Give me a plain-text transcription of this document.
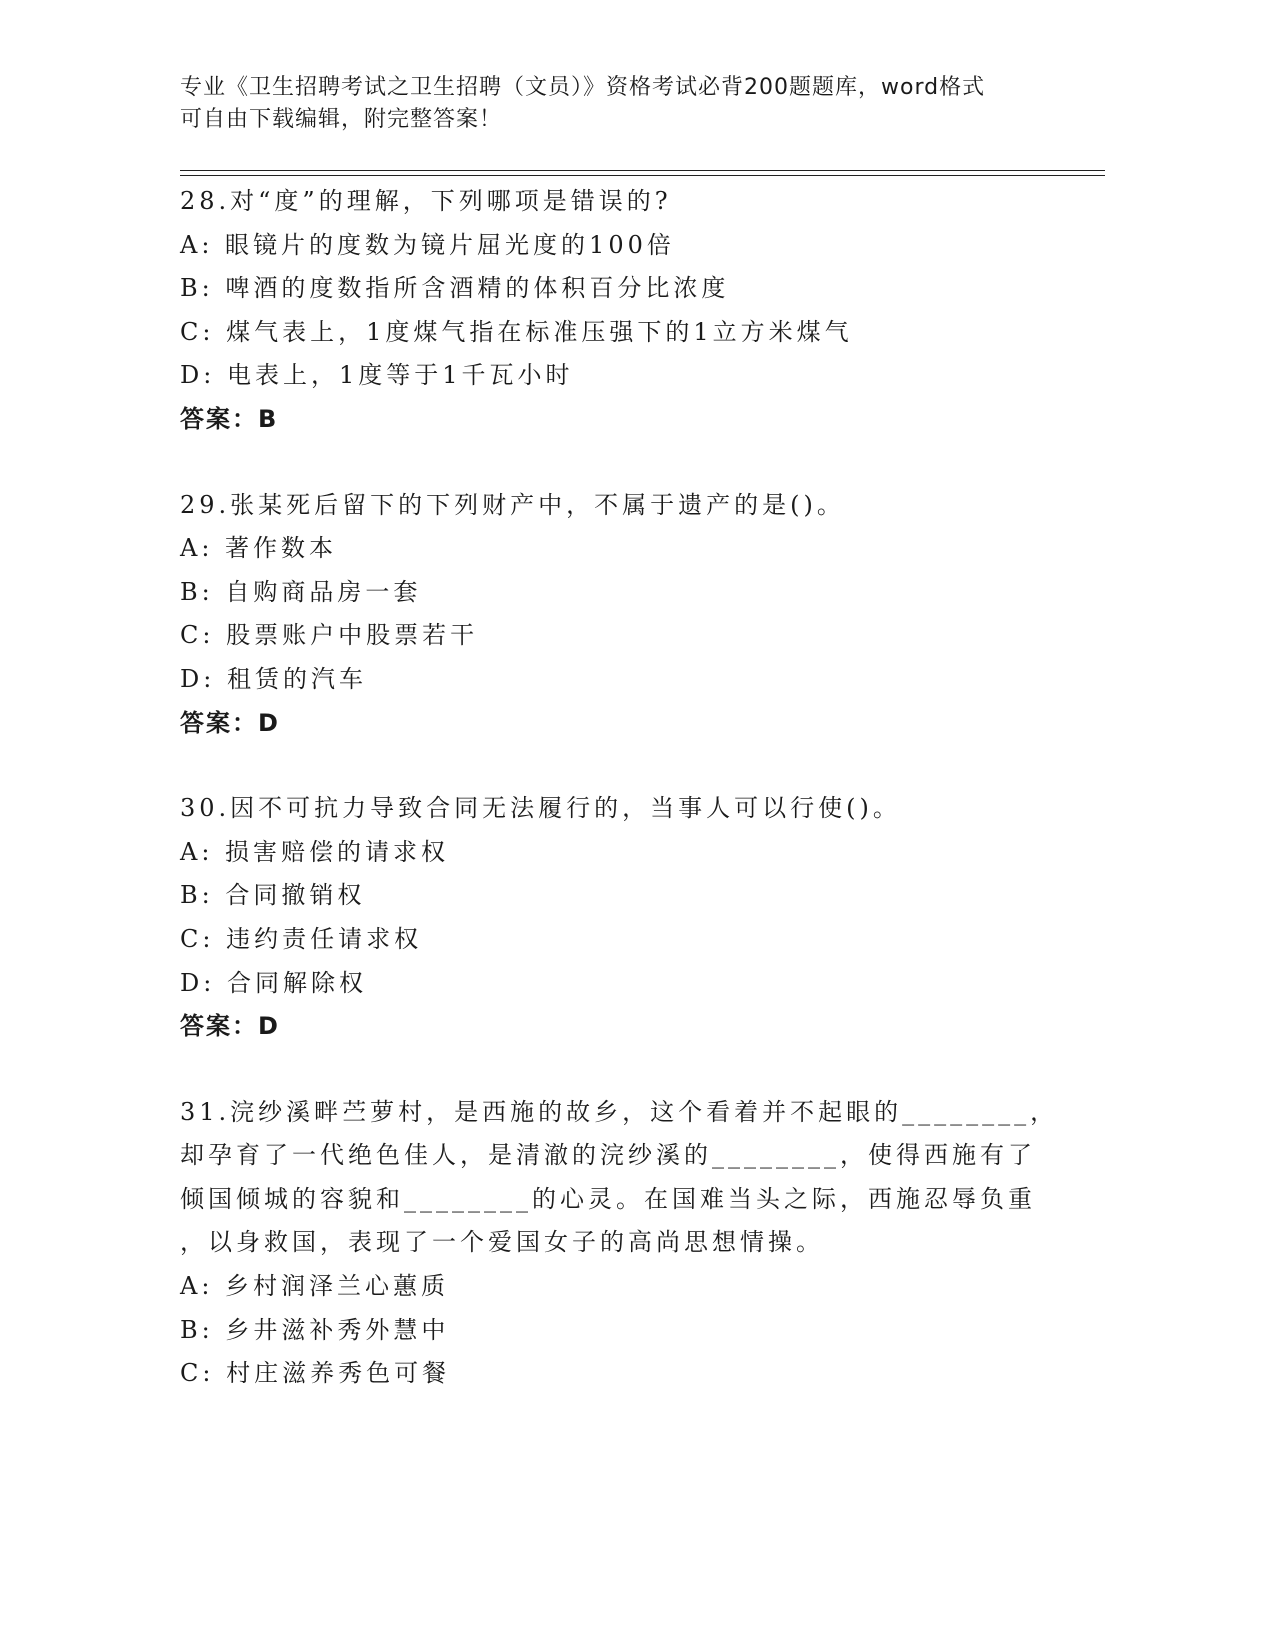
专业《卫生招聘考试之卫生招聘（文员）》资格考试必背200题题库，word格式
可自由下载编辑，附完整答案！
28.对“度”的理解，下列哪项是错误的?
A: 眼镜片的度数为镜片屈光度的100倍
B: 啤酒的度数指所含酒精的体积百分比浓度
C: 煤气表上，1度煤气指在标准压强下的1立方米煤气
D: 电表上，1度等于1千瓦小时
答案：B
29.张某死后留下的下列财产中，不属于遗产的是()。
A: 著作数本
B: 自购商品房一套
C: 股票账户中股票若干
D: 租赁的汽车
答案：D
30.因不可抗力导致合同无法履行的，当事人可以行使()。
A: 损害赔偿的请求权
B: 合同撤销权
C: 违约责任请求权
D: 合同解除权
答案：D
31.浣纱溪畔苎萝村，是西施的故乡，这个看着并不起眼的________，
却孕育了一代绝色佳人，是清澈的浣纱溪的________，使得西施有了
倾国倾城的容貌和________的心灵。在国难当头之际，西施忍辱负重
，以身救国，表现了一个爱国女子的高尚思想情操。
A: 乡村润泽兰心蕙质
B: 乡井滋补秀外慧中
C: 村庄滋养秀色可餐
